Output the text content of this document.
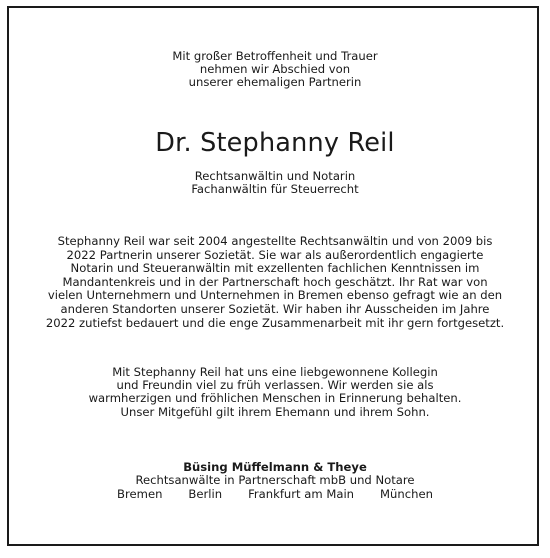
Mit großer Betroffenheit und Trauer
nehmen wir Abschied von
unserer ehemaligen Partnerin
Dr. Stephanny Reil
Rechtsanwältin und Notarin
Fachanwältin für Steuerrecht
Stephanny Reil war seit 2004 angestellte Rechtsanwältin und von 2009 bis
2022 Partnerin unserer Sozietät. Sie war als außerordentlich engagierte
Notarin und Steueranwältin mit exzellenten fachlichen Kenntnissen im
Mandantenkreis und in der Partnerschaft hoch geschätzt. Ihr Rat war von
vielen Unternehmern und Unternehmen in Bremen ebenso gefragt wie an den
anderen Standorten unserer Sozietät. Wir haben ihr Ausscheiden im Jahre
2022 zutiefst bedauert und die enge Zusammenarbeit mit ihr gern fortgesetzt.
Mit Stephanny Reil hat uns eine liebgewonnene Kollegin
und Freundin viel zu früh verlassen. Wir werden sie als
warmherzigen und fröhlichen Menschen in Erinnerung behalten.
Unser Mitgefühl gilt ihrem Ehemann und ihrem Sohn.
Büsing Müffelmann & Theye
Rechtsanwälte in Partnerschaft mbB und Notare
Bremen Berlin Frankfurt am Main München
